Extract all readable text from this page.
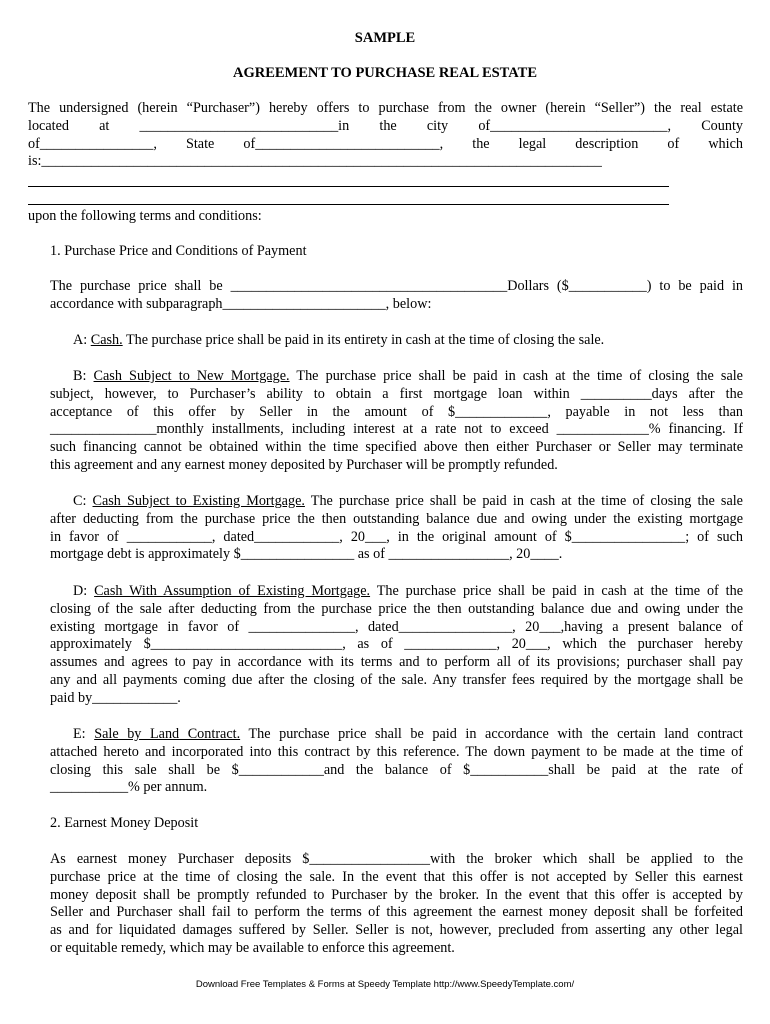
SAMPLE
AGREEMENT TO PURCHASE REAL ESTATE

The undersigned (herein “Purchaser”) hereby offers to purchase from the owner (herein “Seller”) the real estate

located at ____________________________in the city of_________________________, County

of________________, State of__________________________, the legal description of which

is:_______________________________________________________________________________

upon the following terms and conditions:

1. Purchase Price and Conditions of Payment

The purchase price shall be _______________________________________Dollars ($___________) to be paid in

accordance with subparagraph_______________________, below:

A: Cash. The purchase price shall be paid in its entirety in cash at the time of closing the sale.

B: Cash Subject to New Mortgage. The purchase price shall be paid in cash at the time of closing the sale

subject, however, to Purchaser’s ability to obtain a first mortgage loan within __________days after the

acceptance of this offer by Seller in the amount of $_____________, payable in not less than

_______________monthly installments, including interest at a rate not to exceed _____________% financing. If

such financing cannot be obtained within the time specified above then either Purchaser or Seller may terminate

this agreement and any earnest money deposited by Purchaser will be promptly refunded.

C: Cash Subject to Existing Mortgage. The purchase price shall be paid in cash at the time of closing the sale

after deducting from the purchase price the then outstanding balance due and owing under the existing mortgage

in favor of ____________, dated____________, 20___, in the original amount of $________________; of such

mortgage debt is approximately $________________ as of _________________, 20____.

D: Cash With Assumption of Existing Mortgage. The purchase price shall be paid in cash at the time of the

closing of the sale after deducting from the purchase price the then outstanding balance due and owing under the

existing mortgage in favor of _______________, dated________________, 20___,having a present balance of

approximately $___________________________, as of _____________, 20___, which the purchaser hereby

assumes and agrees to pay in accordance with its terms and to perform all of its provisions; purchaser shall pay

any and all payments coming due after the closing of the sale. Any transfer fees required by the mortgage shall be

paid by____________.

E: Sale by Land Contract. The purchase price shall be paid in accordance with the certain land contract

attached hereto and incorporated into this contract by this reference. The down payment to be made at the time of

closing this sale shall be $____________and the balance of $___________shall be paid at the rate of

___________% per annum.

2. Earnest Money Deposit

As earnest money Purchaser deposits $_________________with the broker which shall be applied to the

purchase price at the time of closing the sale. In the event that this offer is not accepted by Seller this earnest

money deposit shall be promptly refunded to Purchaser by the broker. In the event that this offer is accepted by

Seller and Purchaser shall fail to perform the terms of this agreement the earnest money deposit shall be forfeited

as and for liquidated damages suffered by Seller. Seller is not, however, precluded from asserting any other legal

or equitable remedy, which may be available to enforce this agreement.

Download Free Templates & Forms at Speedy Template http://www.SpeedyTemplate.com/
